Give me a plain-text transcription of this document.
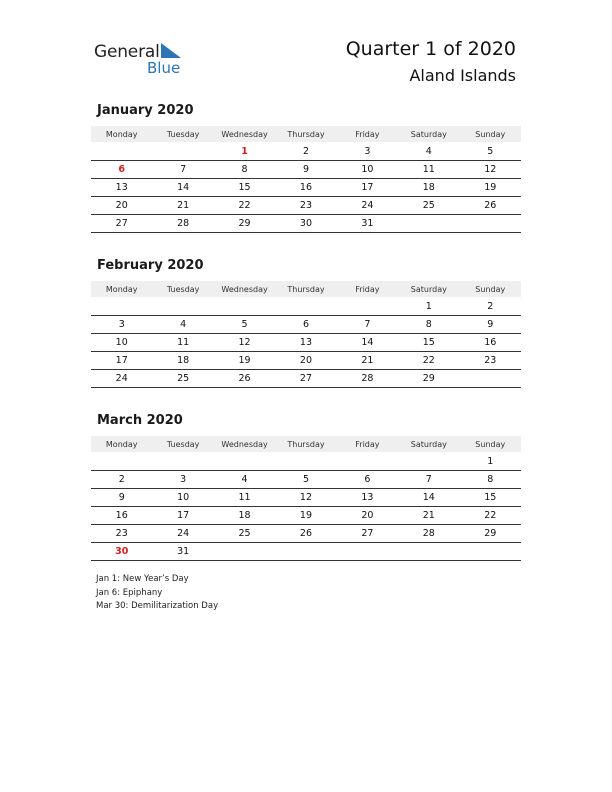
General
Blue
Quarter 1 of 2020
Aland Islands
January 2020
Monday	Tuesday	Wednesday	Thursday	Friday	Saturday	Sunday
		1	2	3	4	5
6	7	8	9	10	11	12
13	14	15	16	17	18	19
20	21	22	23	24	25	26
27	28	29	30	31		
February 2020
Monday	Tuesday	Wednesday	Thursday	Friday	Saturday	Sunday
					1	2
3	4	5	6	7	8	9
10	11	12	13	14	15	16
17	18	19	20	21	22	23
24	25	26	27	28	29	
March 2020
Monday	Tuesday	Wednesday	Thursday	Friday	Saturday	Sunday
						1
2	3	4	5	6	7	8
9	10	11	12	13	14	15
16	17	18	19	20	21	22
23	24	25	26	27	28	29
30	31					
Jan 1: New Year’s Day
Jan 6: Epiphany
Mar 30: Demilitarization Day
